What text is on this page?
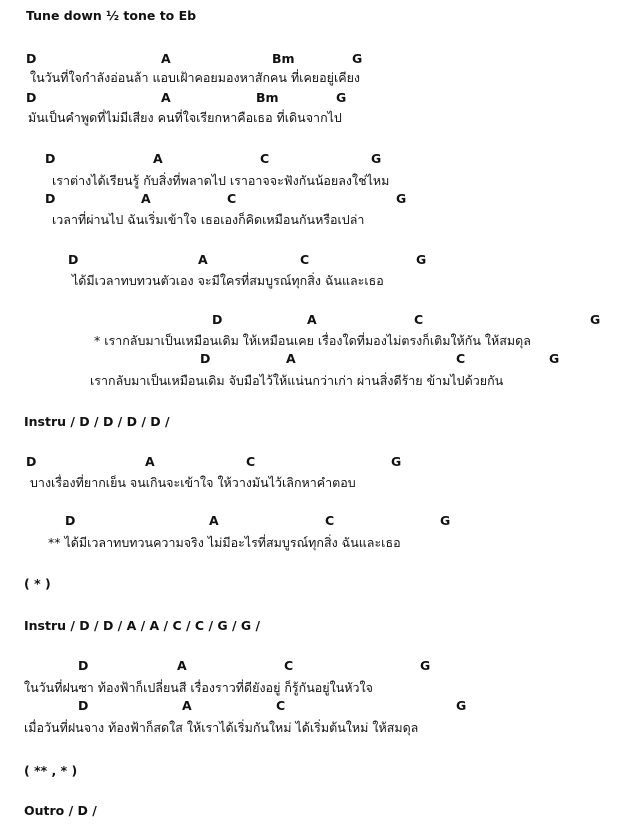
Tune down ½ tone to Eb
D	A	Bm	G
ในวันที่ใจกำลังอ่อนล้า แอบเฝ้าคอยมองหาสักคน ที่เคยอยู่เคียง
D	A	Bm	G
มันเป็นคำพูดที่ไม่มีเสียง คนที่ใจเรียกหาคือเธอ ที่เดินจากไป
D	A	C	G
เราต่างได้เรียนรู้ กับสิ่งที่พลาดไป เราอาจจะฟังกันน้อยลงใช่ไหม
D	A	C	G
เวลาที่ผ่านไป ฉันเริ่มเข้าใจ เธอเองก็คิดเหมือนกันหรือเปล่า
D	A	C	G
ได้มีเวลาทบทวนตัวเอง จะมีใครที่สมบูรณ์ทุกสิ่ง ฉันและเธอ
D	A	C	G
* เรากลับมาเป็นเหมือนเดิม ให้เหมือนเคย เรื่องใดที่มองไม่ตรงก็เติมให้กัน ให้สมดุล
D	A	C	G
เรากลับมาเป็นเหมือนเดิม จับมือไว้ให้แน่นกว่าเก่า ผ่านสิ่งดีร้าย ข้ามไปด้วยกัน
D	A	C	G
บางเรื่องที่ยากเย็น จนเกินจะเข้าใจ ให้วางมันไว้เลิกหาคำตอบ
D	A	C	G
** ได้มีเวลาทบทวนความจริง ไม่มีอะไรที่สมบูรณ์ทุกสิ่ง ฉันและเธอ
D	A	C	G
ในวันที่ฝนซา ท้องฟ้าก็เปลี่ยนสี เรื่องราวที่ดียังอยู่ ก็รู้กันอยู่ในหัวใจ
D	A	C	G
เมื่อวันที่ฝนจาง ท้องฟ้าก็สดใส ให้เราได้เริ่มกันใหม่ ได้เริ่มต้นใหม่ ให้สมดุล
Instru / D / D / D / D /
( * )
Instru / D / D / A / A / C / C / G / G /
( ** , * )
Outro / D /
